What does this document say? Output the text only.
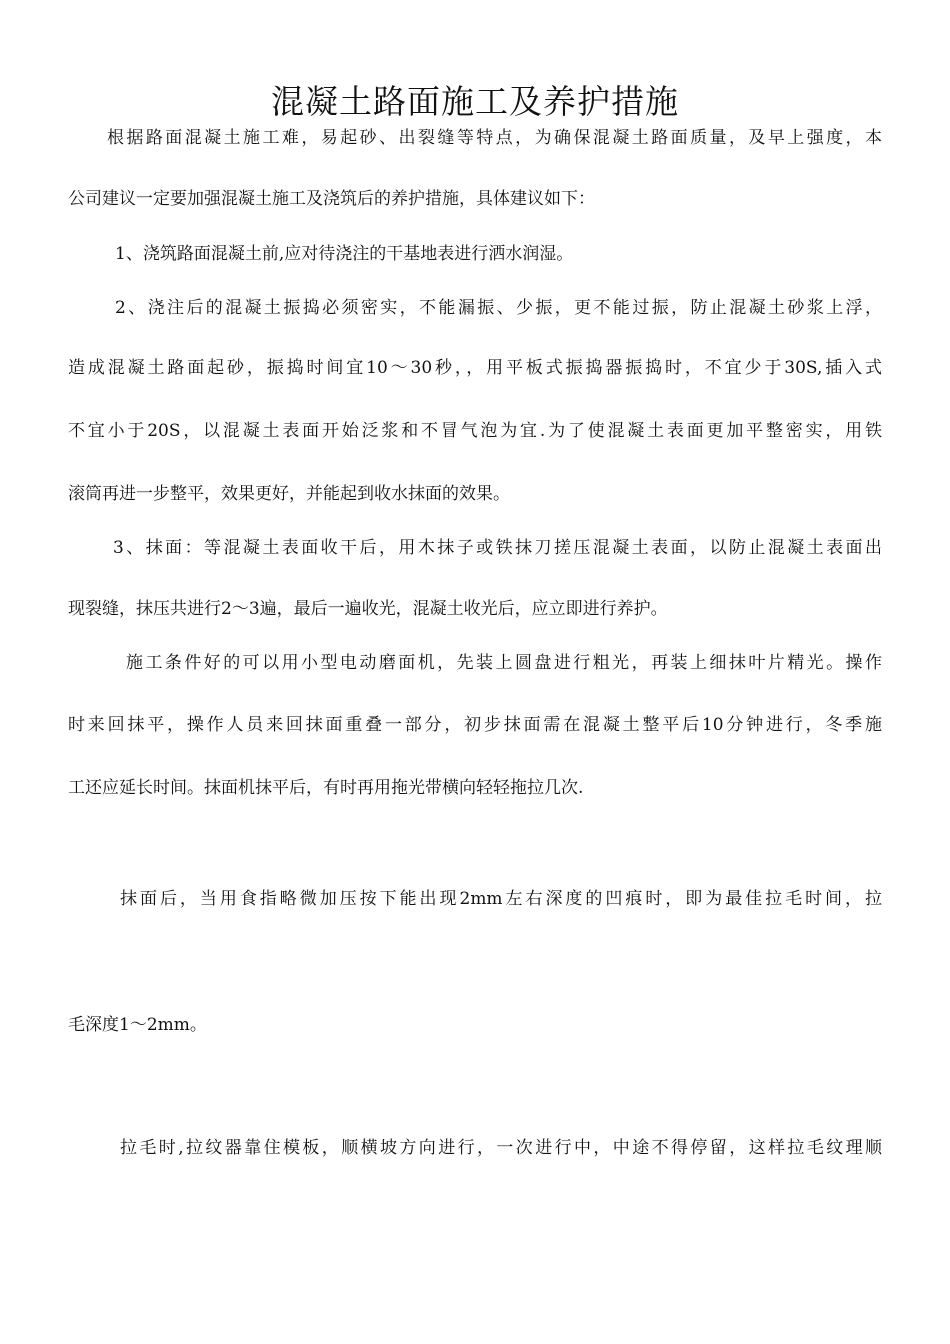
混凝土路面施工及养护措施

根据路面混凝土施工难，易起砂、出裂缝等特点，为确保混凝土路面质量，及早上强度，本

公司建议一定要加强混凝土施工及浇筑后的养护措施，具体建议如下：

1、浇筑路面混凝土前,应对待浇注的干基地表进行洒水润湿。

2、浇注后的混凝土振捣必须密实，不能漏振、少振，更不能过振，防止混凝土砂浆上浮，

造成混凝土路面起砂，振捣时间宜10～30秒，，用平板式振捣器振捣时，不宜少于30S,插入式

不宜小于20S，以混凝土表面开始泛浆和不冒气泡为宜.为了使混凝土表面更加平整密实，用铁

滚筒再进一步整平，效果更好，并能起到收水抹面的效果。

3、抹面：等混凝土表面收干后，用木抹子或铁抹刀搓压混凝土表面，以防止混凝土表面出

现裂缝，抹压共进行2～3遍，最后一遍收光，混凝土收光后，应立即进行养护。

施工条件好的可以用小型电动磨面机，先装上圆盘进行粗光，再装上细抹叶片精光。操作

时来回抹平，操作人员来回抹面重叠一部分，初步抹面需在混凝土整平后10分钟进行，冬季施

工还应延长时间。抹面机抹平后，有时再用拖光带横向轻轻拖拉几次.

抹面后，当用食指略微加压按下能出现2mm左右深度的凹痕时，即为最佳拉毛时间，拉

毛深度1～2mm。

拉毛时,拉纹器靠住模板，顺横坡方向进行，一次进行中，中途不得停留，这样拉毛纹理顺
